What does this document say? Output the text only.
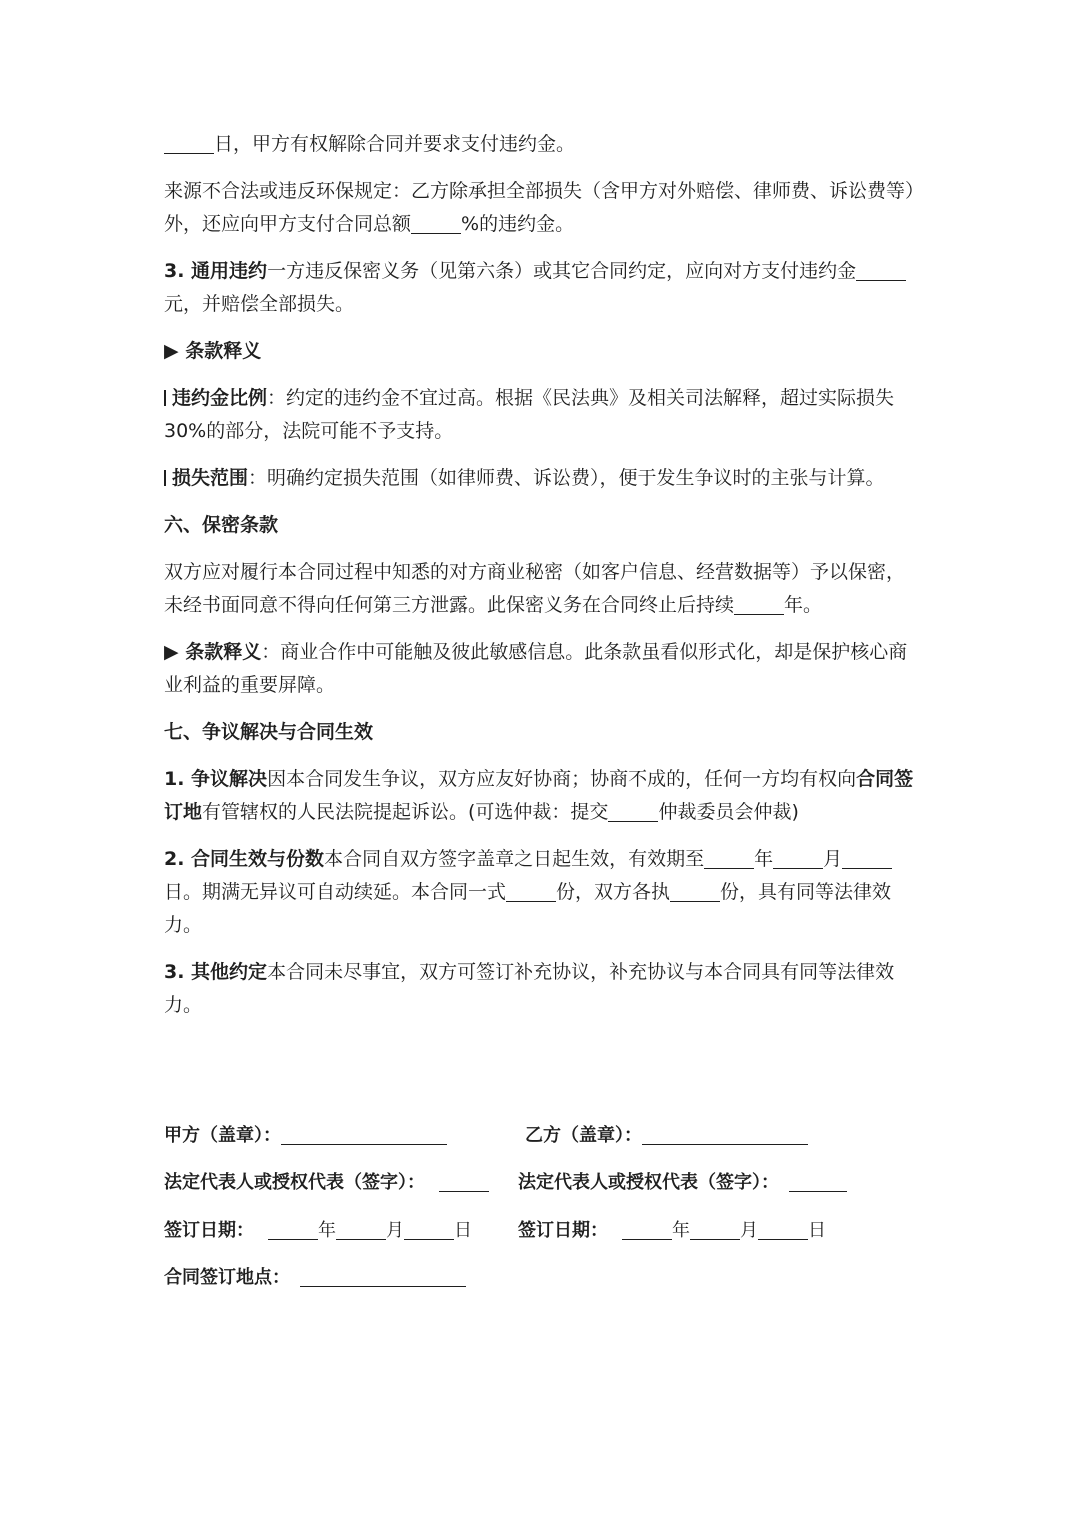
日，甲方有权解除合同并要求支付违约金。

来源不合法或违反环保规定：乙方除承担全部损失（含甲方对外赔偿、律师费、诉讼费等）外，还应向甲方支付合同总额	%的违约金。

3. 通用违约一方违反保密义务（见第六条）或其它合同约定，应向对方支付违约金元，并赔偿全部损失。

▶ 条款释义

违约金比例：约定的违约金不宜过高。根据《民法典》及相关司法解释，超过实际损失 30%的部分，法院可能不予支持。

损失范围：明确约定损失范围（如律师费、诉讼费），便于发生争议时的主张与计算。

六、保密条款

双方应对履行本合同过程中知悉的对方商业秘密（如客户信息、经营数据等）予以保密，未经书面同意不得向任何第三方泄露。此保密义务在合同终止后持续	年。

▶ 条款释义：商业合作中可能触及彼此敏感信息。此条款虽看似形式化，却是保护核心商业利益的重要屏障。

七、争议解决与合同生效

1. 争议解决因本合同发生争议，双方应友好协商；协商不成的，任何一方均有权向合同签订地有管辖权的人民法院提起诉讼。(可选仲裁：提交	仲裁委员会仲裁)

2. 合同生效与份数本合同自双方签字盖章之日起生效，有效期至	年	月日。期满无异议可自动续延。本合同一式	份，双方各执	份，具有同等法律效力。

3. 其他约定本合同未尽事宜，双方可签订补充协议，补充协议与本合同具有同等法律效力。

甲方（盖章）：	乙方（盖章）：
法定代表人或授权代表（签字）：	法定代表人或授权代表（签字）：
签订日期：	年	月	日	签订日期：	年	月	日
合同签订地点：
